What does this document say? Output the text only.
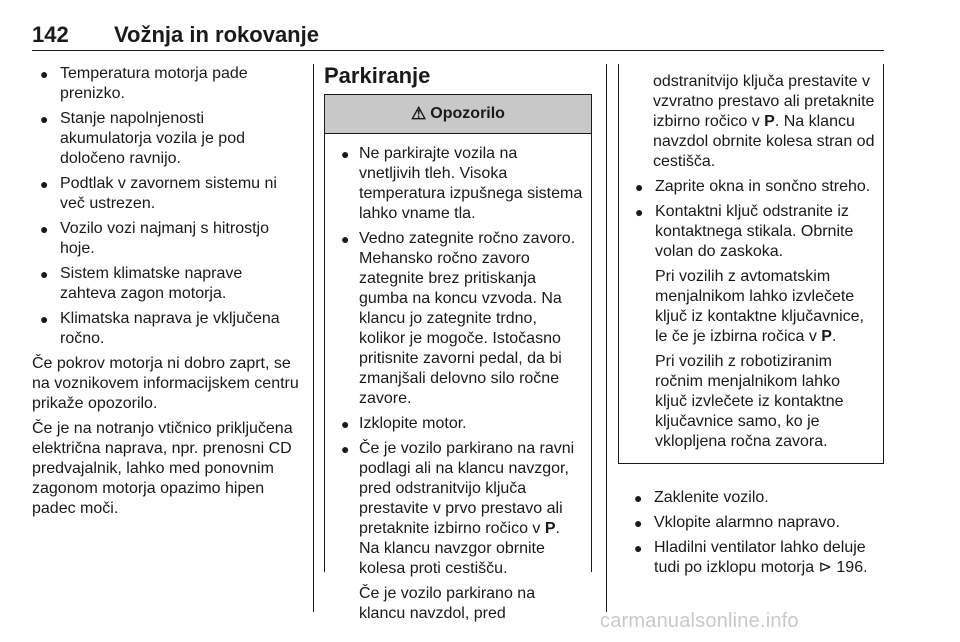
142 Vožnja in rokovanje
● Temperatura motorja pade prenizko.
● Stanje napolnjenosti akumulatorja vozila je pod določeno ravnijo.
● Podtlak v zavornem sistemu ni več ustrezen.
● Vozilo vozi najmanj s hitrostjo hoje.
● Sistem klimatske naprave zahteva zagon motorja.
● Klimatska naprava je vključena ročno.

Če pokrov motorja ni dobro zaprt, se na voznikovem informacijskem centru prikaže opozorilo.

Če je na notranjo vtičnico priključena električna naprava, npr. prenosni CD predvajalnik, lahko med ponovnim zagonom motorja opazimo hipen padec moči.

Parkiranje
⚠ Opozorilo
● Ne parkirajte vozila na vnetljivih tleh. Visoka temperatura izpušnega sistema lahko vname tla.
● Vedno zategnite ročno zavoro. Mehansko ročno zavoro zategnite brez pritiskanja gumba na koncu vzvoda. Na klancu jo zategnite trdno, kolikor je mogoče. Istočasno pritisnite zavorni pedal, da bi zmanjšali delovno silo ročne zavore.
● Izklopite motor.
● Če je vozilo parkirano na ravni podlagi ali na klancu navzgor, pred odstranitvijo ključa prestavite v prvo prestavo ali pretaknite izbirno ročico v P. Na klancu navzgor obrnite kolesa proti cestišču.

Če je vozilo parkirano na klancu navzdol, pred

odstranitvijo ključa prestavite v vzvratno prestavo ali pretaknite izbirno ročico v P. Na klancu navzdol obrnite kolesa stran od cestišča.

● Zaprite okna in sončno streho.
● Kontaktni ključ odstranite iz kontaktnega stikala. Obrnite volan do zaskoka.

Pri vozilih z avtomatskim menjalnikom lahko izvlečete ključ iz kontaktne ključavnice, le če je izbirna ročica v P.

Pri vozilih z robotiziranim ročnim menjalnikom lahko ključ izvlečete iz kontaktne ključavnice samo, ko je vklopljena ročna zavora.

● Zaklenite vozilo.
● Vklopite alarmno napravo.
● Hladilni ventilator lahko deluje tudi po izklopu motorja ⊳ 196.
carmanualsonline.info
